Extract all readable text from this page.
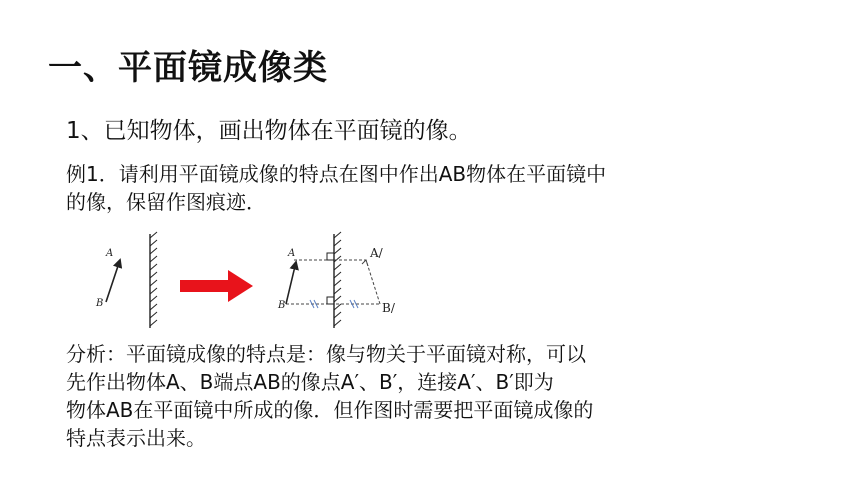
一、平面镜成像类
1、已知物体，画出物体在平面镜的像。
例1．请利用平面镜成像的特点在图中作出AB物体在平面镜中
的像，保留作图痕迹．
A
B
A
B
A/
B/
分析：平面镜成像的特点是：像与物关于平面镜对称，可以
先作出物体A、B端点AB的像点A′、B′，连接A′、B′即为
物体AB在平面镜中所成的像．但作图时需要把平面镜成像的
特点表示出来。
